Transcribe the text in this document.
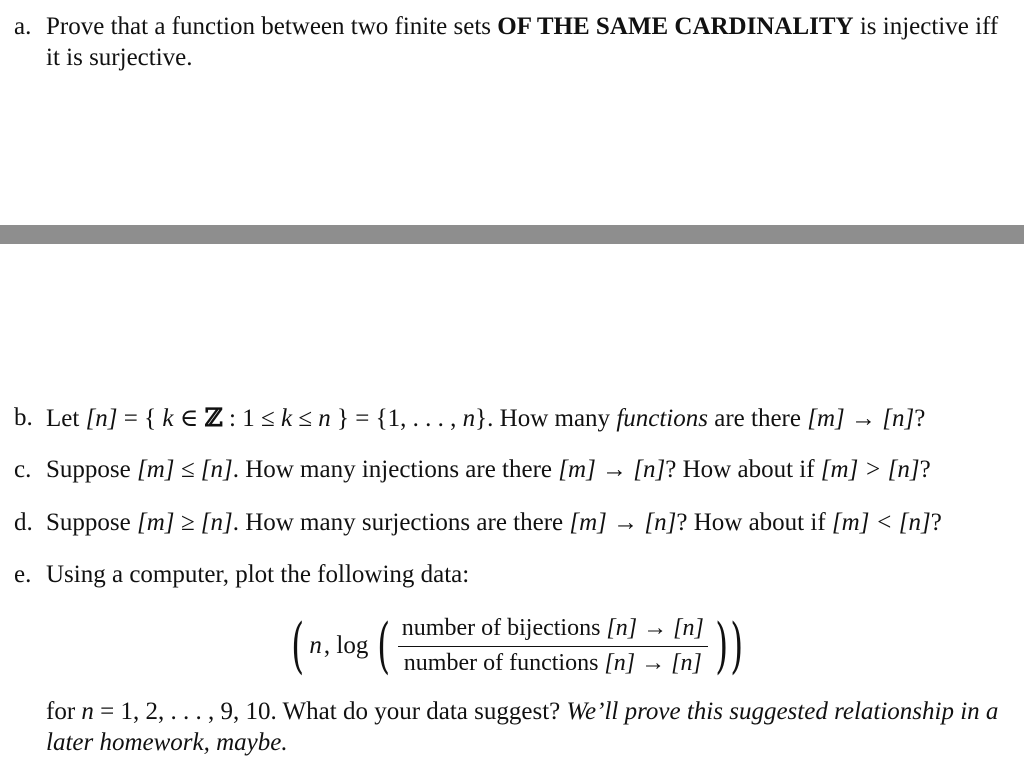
a. Prove that a function between two finite sets OF THE SAME CARDINALITY is injective iff it is surjective.
b. Let [n] = { k ∈ ℤ : 1 ≤ k ≤ n } = {1, . . . , n}. How many functions are there [m] → [n]?
c. Suppose [m] ≤ [n]. How many injections are there [m] → [n]? How about if [m] > [n]?
d. Suppose [m] ≥ [n]. How many surjections are there [m] → [n]? How about if [m] < [n]?
e. Using a computer, plot the following data:
( n , log ( $\frac{\text{number of bijections [n] → [n]}}{\text{number of functions [n] → [n]}}$ ) )
for n = 1, 2, . . . , 9, 10. What do your data suggest? We’ll prove this suggested relationship in a later homework, maybe.
